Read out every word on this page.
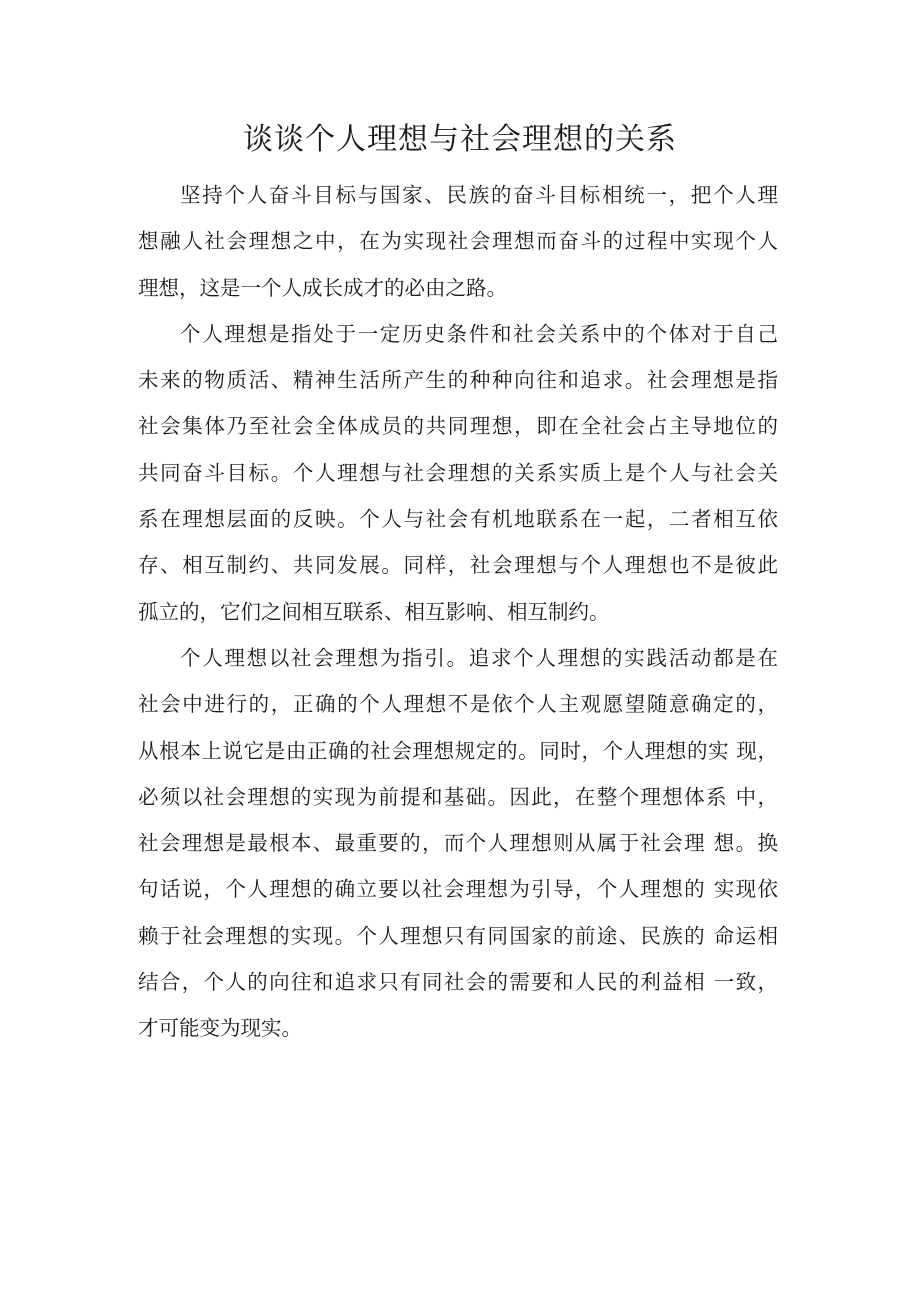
谈谈个人理想与社会理想的关系

坚持个人奋斗目标与国家、民族的奋斗目标相统一，把个人理
想融人社会理想之中，在为实现社会理想而奋斗的过程中实现个人
理想，这是一个人成长成才的必由之路。

个人理想是指处于一定历史条件和社会关系中的个体对于自己
未来的物质活、精神生活所产生的种种向往和追求。社会理想是指
社会集体乃至社会全体成员的共同理想，即在全社会占主导地位的
共同奋斗目标。个人理想与社会理想的关系实质上是个人与社会关
系在理想层面的反映。个人与社会有机地联系在一起，二者相互依
存、相互制约、共同发展。同样，社会理想与个人理想也不是彼此
孤立的，它们之间相互联系、相互影响、相互制约。

个人理想以社会理想为指引。追求个人理想的实践活动都是在
社会中进行的，正确的个人理想不是依个人主观愿望随意确定的，
从根本上说它是由正确的社会理想规定的。同时，个人理想的实 现，
必须以社会理想的实现为前提和基础。因此，在整个理想体系 中，
社会理想是最根本、最重要的，而个人理想则从属于社会理 想。换
句话说，个人理想的确立要以社会理想为引导，个人理想的 实现依
赖于社会理想的实现。个人理想只有同国家的前途、民族的 命运相
结合，个人的向往和追求只有同社会的需要和人民的利益相 一致，
才可能变为现实。
